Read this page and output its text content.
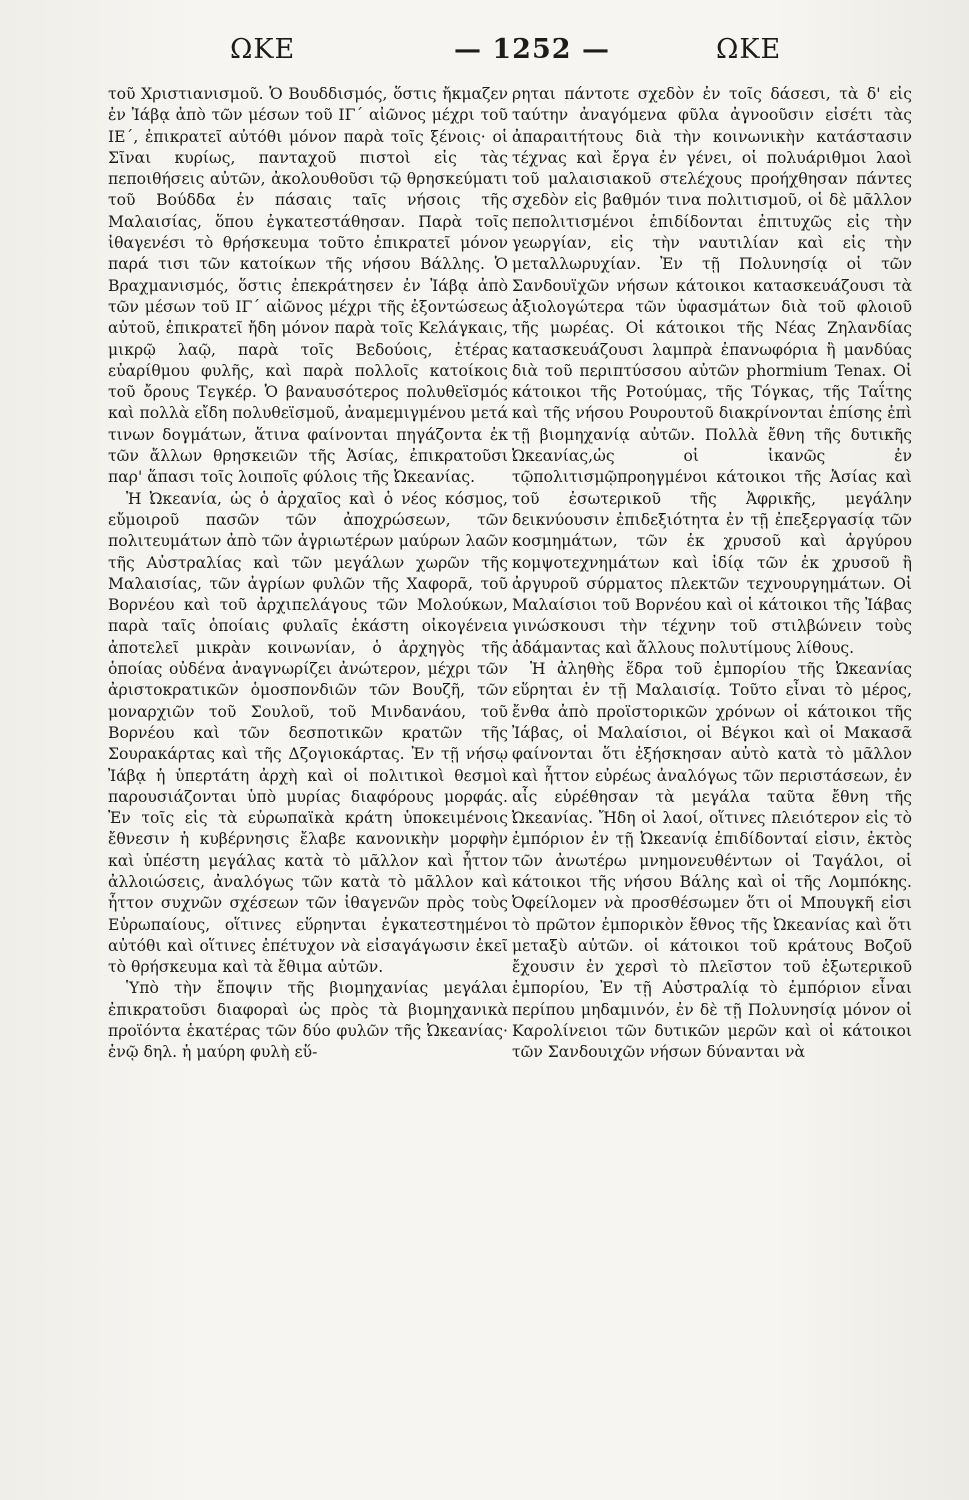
ΩΚΕ	— 1252 —	ΩΚΕ

τοῦ Χριστιανισμοῦ. Ὁ Βουδδισμός, ὅστις ἤκμαζεν ἐν Ἰάβᾳ ἀπὸ τῶν μέσων τοῦ ΙΓ΄ αἰῶνος μέχρι τοῦ ΙΕ΄, ἐπικρατεῖ αὐτόθι μόνον παρὰ τοῖς ξένοις· οἱ Σῖναι κυρίως, πανταχοῦ πιστοὶ εἰς τὰς πεποιθήσεις αὐτῶν, ἀκολουθοῦσι τῷ θρησκεύματι τοῦ Βούδδα ἐν πάσαις ταῖς νήσοις τῆς Μαλαισίας, ὅπου ἐγκατεστάθησαν. Παρὰ τοῖς ἰθαγενέσι τὸ θρήσκευμα τοῦτο ἐπικρατεῖ μόνον παρά τισι τῶν κατοίκων τῆς νήσου Βάλλης. Ὁ Βραχμανισμός, ὅστις ἐπεκράτησεν ἐν Ἰάβᾳ ἀπὸ τῶν μέσων τοῦ ΙΓ΄ αἰῶνος μέχρι τῆς ἐξοντώσεως αὐτοῦ, ἐπικρατεῖ ἤδη μόνον παρὰ τοῖς Κελάγκαις, μικρῷ λαῷ, παρὰ τοῖς Βεδούοις, ἑτέρας εὐαρίθμου φυλῆς, καὶ παρὰ πολλοῖς κατοίκοις τοῦ ὄρους Τεγκέρ. Ὁ βαναυσότερος πολυθεϊσμός καὶ πολλὰ εἴδη πολυθεϊσμοῦ, ἀναμεμιγμένου μετά τινων δογμάτων, ἅτινα φαίνονται πηγάζοντα ἐκ τῶν ἄλλων θρησκειῶν τῆς Ἀσίας, ἐπικρατοῦσι παρ' ἅπασι τοῖς λοιποῖς φύλοις τῆς Ὠκεανίας.

Ἡ Ὠκεανία, ὡς ὁ ἀρχαῖος καὶ ὁ νέος κόσμος, εὔμοιροῦ πασῶν τῶν ἀποχρώσεων, τῶν πολιτευμάτων ἀπὸ τῶν ἀγριωτέρων μαύρων λαῶν τῆς Αὐστραλίας καὶ τῶν μεγάλων χωρῶν τῆς Μαλαισίας, τῶν ἀγρίων φυλῶν τῆς Χαφορᾶ, τοῦ Βορνέου καὶ τοῦ ἀρχιπελάγους τῶν Μολούκων, παρὰ ταῖς ὁποίαις φυλαῖς ἑκάστη οἰκογένεια ἀποτελεῖ μικρὰν κοινωνίαν, ὁ ἀρχηγὸς τῆς ὁποίας οὐδένα ἀναγνωρίζει ἀνώτερον, μέχρι τῶν ἀριστοκρατικῶν ὁμοσπονδιῶν τῶν Βουζῆ, τῶν μοναρχιῶν τοῦ Σουλοῦ, τοῦ Μινδανάου, τοῦ Βορνέου καὶ τῶν δεσποτικῶν κρατῶν τῆς Σουρακάρτας καὶ τῆς Δζογιοκάρτας. Ἐν τῇ νήσῳ Ἰάβᾳ ἡ ὑπερτάτη ἀρχὴ καὶ οἱ πολιτικοὶ θεσμοὶ παρουσιάζονται ὑπὸ μυρίας διαφόρους μορφάς. Ἐν τοῖς εἰς τὰ εὐρωπαϊκὰ κράτη ὑποκειμένοις ἔθνεσιν ἡ κυβέρνησις ἔλαβε κανονικὴν μορφὴν καὶ ὑπέστη μεγάλας κατὰ τὸ μᾶλλον καὶ ἧττον ἀλλοιώσεις, ἀναλόγως τῶν κατὰ τὸ μᾶλλον καὶ ἧττον συχνῶν σχέσεων τῶν ἰθαγενῶν πρὸς τοὺς Εὐρωπαίους, οἵτινες εὕρηνται ἐγκατεστημένοι αὐτόθι καὶ οἵτινες ἐπέτυχον νὰ εἰσαγάγωσιν ἐκεῖ τὸ θρήσκευμα καὶ τὰ ἔθιμα αὐτῶν.

Ὑπὸ τὴν ἔποψιν τῆς βιομηχανίας μεγάλαι ἐπικρατοῦσι διαφοραὶ ὡς πρὸς τὰ βιομηχανικὰ προϊόντα ἑκατέρας τῶν δύο φυλῶν τῆς Ὠκεανίας· ἐνῷ δηλ. ἡ μαύρη φυλὴ εὕ-

ρηται πάντοτε σχεδὸν ἐν τοῖς δάσεσι, τὰ δ' εἰς ταύτην ἀναγόμενα φῦλα ἀγνοοῦσιν εἰσέτι τὰς ἀπαραιτήτους διὰ τὴν κοινωνικὴν κατάστασιν τέχνας καὶ ἔργα ἐν γένει, οἱ πολυάριθμοι λαοὶ τοῦ μαλαισιακοῦ στελέχους προήχθησαν πάντες σχεδὸν εἰς βαθμόν τινα πολιτισμοῦ, οἱ δὲ μᾶλλον πεπολιτισμένοι ἐπιδίδονται ἐπιτυχῶς εἰς τὴν γεωργίαν, εἰς τὴν ναυτιλίαν καὶ εἰς τὴν μεταλλωρυχίαν. Ἐν τῇ Πολυνησίᾳ οἱ τῶν Σανδουϊχῶν νήσων κάτοικοι κατασκευάζουσι τὰ ἀξιολογώτερα τῶν ὑφασμάτων διὰ τοῦ φλοιοῦ τῆς μωρέας. Οἱ κάτοικοι τῆς Νέας Ζηλανδίας κατασκευάζουσι λαμπρὰ ἐπανωφόρια ἢ μανδύας διὰ τοῦ περιπτύσσου αὐτῶν phormium Tenax. Οἱ κάτοικοι τῆς Ροτούμας, τῆς Τόγκας, τῆς Ταΐτης καὶ τῆς νήσου Ρουρουτοῦ διακρίνονται ἐπίσης ἐπὶ τῇ βιομηχανίᾳ αὐτῶν. Πολλὰ ἔθνη τῆς δυτικῆς Ὠκεανίας,ὡς οἱ ἱκανῶς ἐν τῷπολιτισμῷπροηγμένοι κάτοικοι τῆς Ἀσίας καὶ τοῦ ἐσωτερικοῦ τῆς Ἀφρικῆς, μεγάλην δεικνύουσιν ἐπιδεξιότητα ἐν τῇ ἐπεξεργασίᾳ τῶν κοσμημάτων, τῶν ἐκ χρυσοῦ καὶ ἀργύρου κομψοτεχνημάτων καὶ ἰδίᾳ τῶν ἐκ χρυσοῦ ἢ ἀργυροῦ σύρματος πλεκτῶν τεχνουργημάτων. Οἱ Μαλαίσιοι τοῦ Βορνέου καὶ οἱ κάτοικοι τῆς Ἰάβας γινώσκουσι τὴν τέχνην τοῦ στιλβώνειν τοὺς ἀδάμαντας καὶ ἄλλους πολυτίμους λίθους.

Ἡ ἀληθὴς ἕδρα τοῦ ἐμπορίου τῆς Ὠκεανίας εὕρηται ἐν τῇ Μαλαισίᾳ. Τοῦτο εἶναι τὸ μέρος, ἔνθα ἀπὸ προϊστορικῶν χρόνων οἱ κάτοικοι τῆς Ἰάβας, οἱ Μαλαίσιοι, οἱ Βέγκοι καὶ οἱ Μακασᾶ φαίνονται ὅτι ἐξήσκησαν αὐτὸ κατὰ τὸ μᾶλλον καὶ ἧττον εὐρέως ἀναλόγως τῶν περιστάσεων, ἐν αἷς εὑρέθησαν τὰ μεγάλα ταῦτα ἔθνη τῆς Ὠκεανίας. Ἤδη οἱ λαοί, οἵτινες πλειότερον εἰς τὸ ἐμπόριον ἐν τῇ Ὠκεανίᾳ ἐπιδίδονταί εἰσιν, ἐκτὸς τῶν ἀνωτέρω μνημονευθέντων οἱ Ταγάλοι, οἱ κάτοικοι τῆς νήσου Βάλης καὶ οἱ τῆς Λομπόκης. Ὀφείλομεν νὰ προσθέσωμεν ὅτι οἱ Μπουγκῆ εἰσι τὸ πρῶτον ἐμπορικὸν ἔθνος τῆς Ὠκεανίας καὶ ὅτι μεταξὺ αὐτῶν. οἱ κάτοικοι τοῦ κράτους Βοζοῦ ἔχουσιν ἐν χερσὶ τὸ πλεῖστον τοῦ ἐξωτερικοῦ ἐμπορίου, Ἐν τῇ Αὐστραλίᾳ τὸ ἐμπόριον εἶναι περίπου μηδαμινόν, ἐν δὲ τῇ Πολυνησίᾳ μόνον οἱ Καρολίνειοι τῶν δυτικῶν μερῶν καὶ οἱ κάτοικοι τῶν Σανδουιχῶν νήσων δύνανται νὰ
